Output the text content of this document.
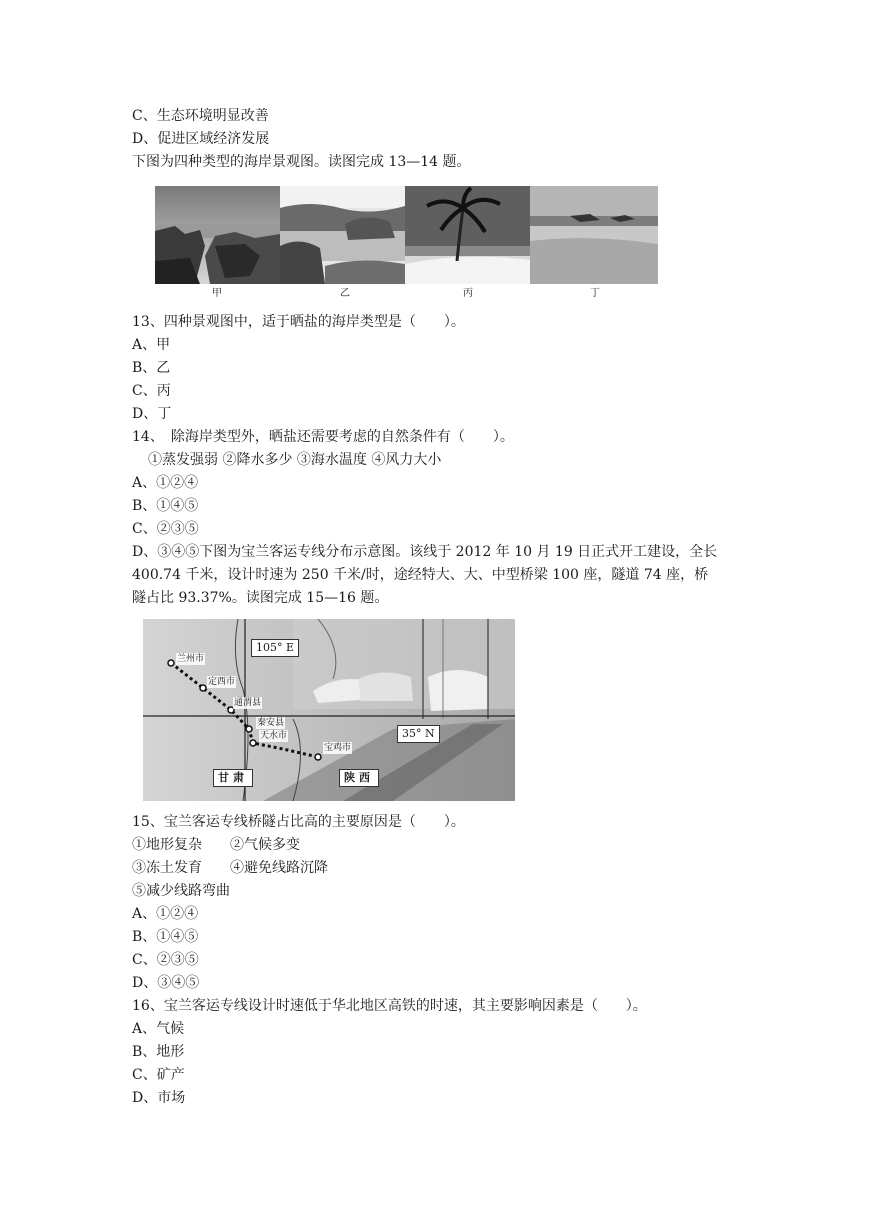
C、生态环境明显改善
D、促进区域经济发展
下图为四种类型的海岸景观图。读图完成 13—14 题。
甲	乙	丙	丁
13、四种景观图中，适于晒盐的海岸类型是（　　）。
A、甲
B、乙
C、丙
D、丁
14、　除海岸类型外，晒盐还需要考虑的自然条件有（　　）。
①蒸发强弱 ②降水多少 ③海水温度 ④风力大小
A、①②④
B、①④⑤
C、②③⑤
D、③④⑤下图为宝兰客运专线分布示意图。该线于 2012 年 10 月 19 日正式开工建设，全长
400.74 千米，设计时速为 250 千米/时，途经特大、大、中型桥梁 100 座，隧道 74 座，桥
隧占比 93.37%。读图完成 15—16 题。
105° E
35° N
兰州市
定西市
通渭县
秦安县
天水市
宝鸡市
甘肃	陕西
15、宝兰客运专线桥隧占比高的主要原因是（　　）。
①地形复杂　　②气候多变
③冻土发育　　④避免线路沉降
⑤减少线路弯曲
A、①②④
B、①④⑤
C、②③⑤
D、③④⑤
16、宝兰客运专线设计时速低于华北地区高铁的时速，其主要影响因素是（　　）。
A、气候
B、地形
C、矿产
D、市场
